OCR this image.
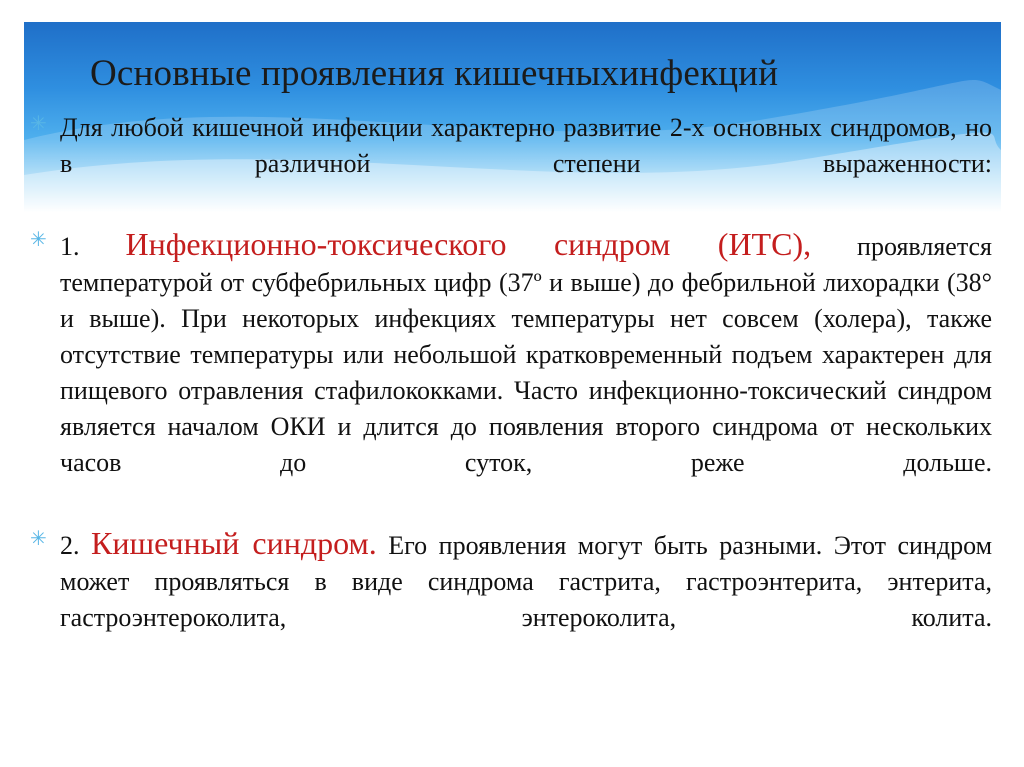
Основные проявления кишечныхинфекций

✳ Для любой кишечной инфекции характерно развитие 2-х основных синдромов, но в различной степени выраженности:

✳ 1. Инфекционно-токсического синдром (ИТС), проявляется температурой от субфебрильных цифр (37º и выше) до фебрильной лихорадки (38° и выше). При некоторых инфекциях температуры нет совсем (холера), также отсутствие температуры или небольшой кратковременный подъем характерен для пищевого отравления стафилококками. Часто инфекционно-токсический синдром является началом ОКИ и длится до появления второго синдрома от нескольких часов до суток, реже дольше.

✳ 2. Кишечный синдром. Его проявления могут быть разными. Этот синдром может проявляться в виде синдрома гастрита, гастроэнтерита, энтерита, гастроэнтероколита, энтероколита, колита.
